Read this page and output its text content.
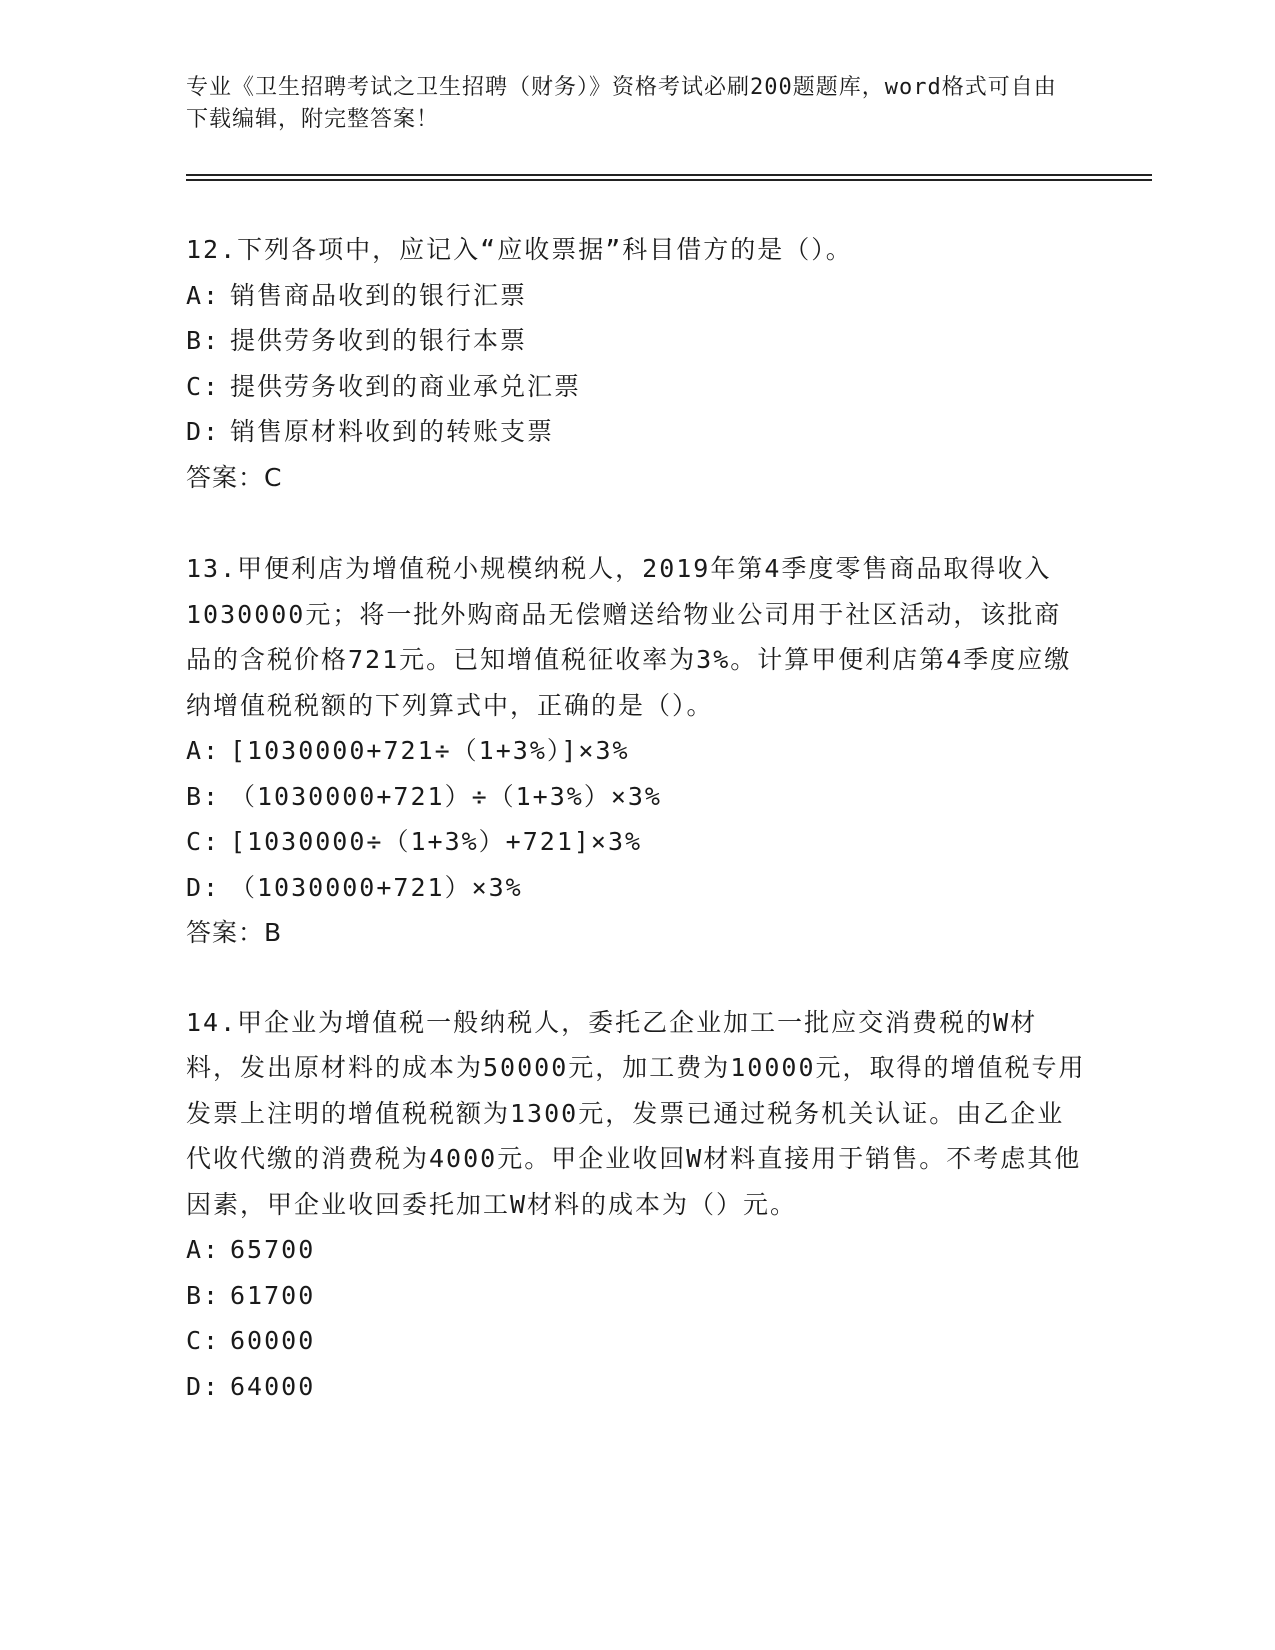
专业《卫生招聘考试之卫生招聘（财务）》资格考试必刷200题题库，word格式可自由下载编辑，附完整答案！

12.下列各项中，应记入“应收票据”科目借方的是（）。

A: 销售商品收到的银行汇票
B: 提供劳务收到的银行本票
C: 提供劳务收到的商业承兑汇票
D: 销售原材料收到的转账支票

答案：C

13.甲便利店为增值税小规模纳税人，2019年第4季度零售商品取得收入1030000元；将一批外购商品无偿赠送给物业公司用于社区活动，该批商品的含税价格721元。已知增值税征收率为3%。计算甲便利店第4季度应缴纳增值税税额的下列算式中，正确的是（）。

A: [1030000+721÷（1+3%）]×3%
B: （1030000+721）÷（1+3%）×3%
C: [1030000÷（1+3%）+721]×3%
D: （1030000+721）×3%

答案：B

14.甲企业为增值税一般纳税人，委托乙企业加工一批应交消费税的W材料，发出原材料的成本为50000元，加工费为10000元，取得的增值税专用发票上注明的增值税税额为1300元，发票已通过税务机关认证。由乙企业代收代缴的消费税为4000元。甲企业收回W材料直接用于销售。不考虑其他因素，甲企业收回委托加工W材料的成本为（）元。

A: 65700
B: 61700
C: 60000
D: 64000
